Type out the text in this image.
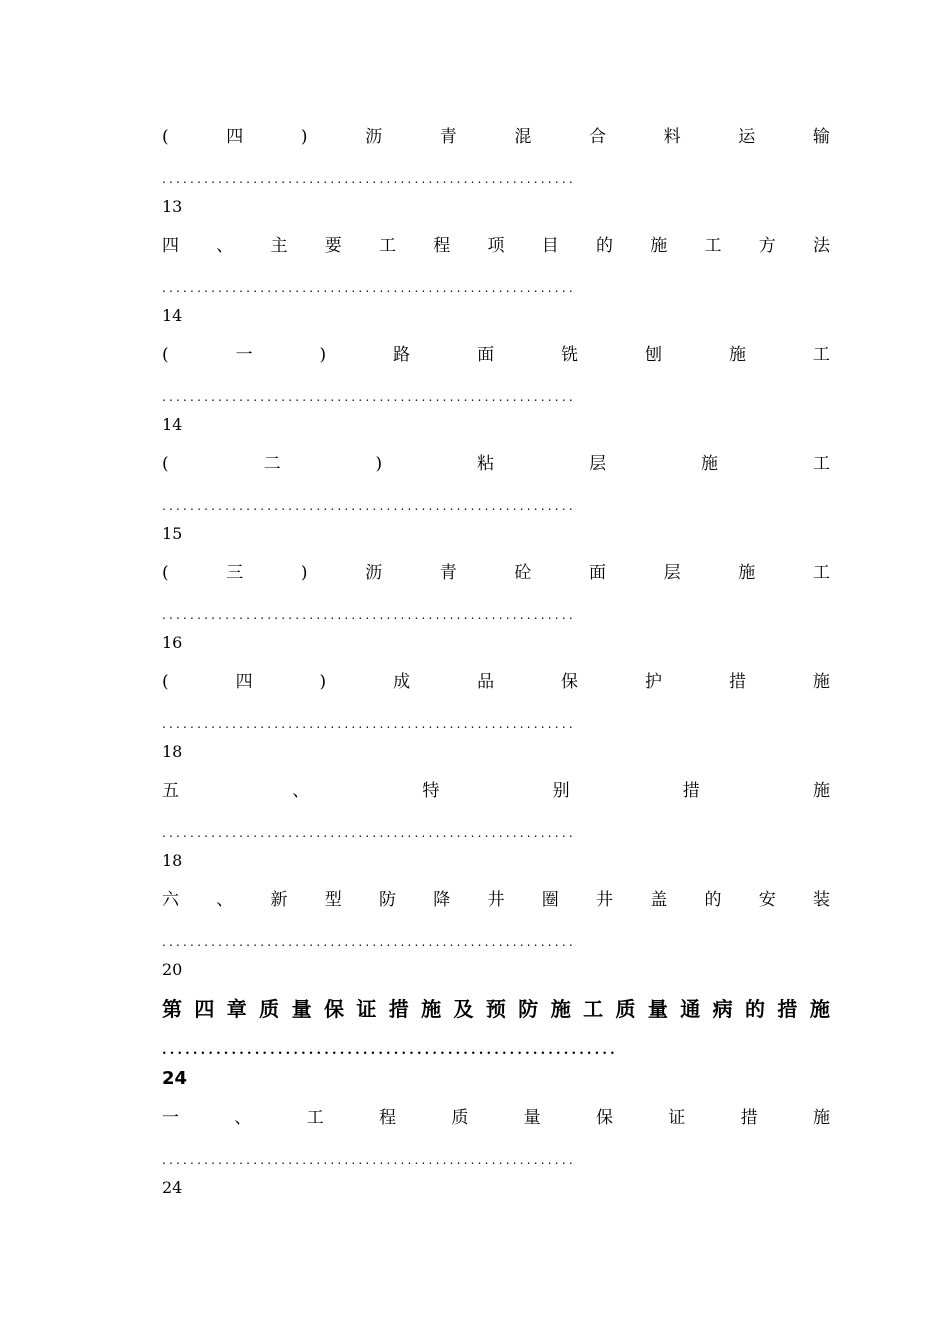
(	四	)	沥	青	混	合	料	运	输
...........................................................
13
四 、 主 要 工 程 项 目 的 施 工 方 法
...........................................................
14
(	一	)	路	面	铣	刨	施	工
...........................................................
14
(	二	)	粘	层	施	工
...........................................................
15
(	三	)	沥	青	砼	面	层	施	工
...........................................................
16
(	四	)	成	品	保	护	措	施
...........................................................
18
五	、	特	别	措	施
...........................................................
18
六 、 新 型 防 降 井 圈 井 盖 的 安 装
...........................................................
20
第 四 章 质 量 保 证 措 施 及 预 防 施 工 质 量 通 病 的 措 施
...........................................................
24
一	、	工	程	质	量	保	证	措	施
...........................................................
24
